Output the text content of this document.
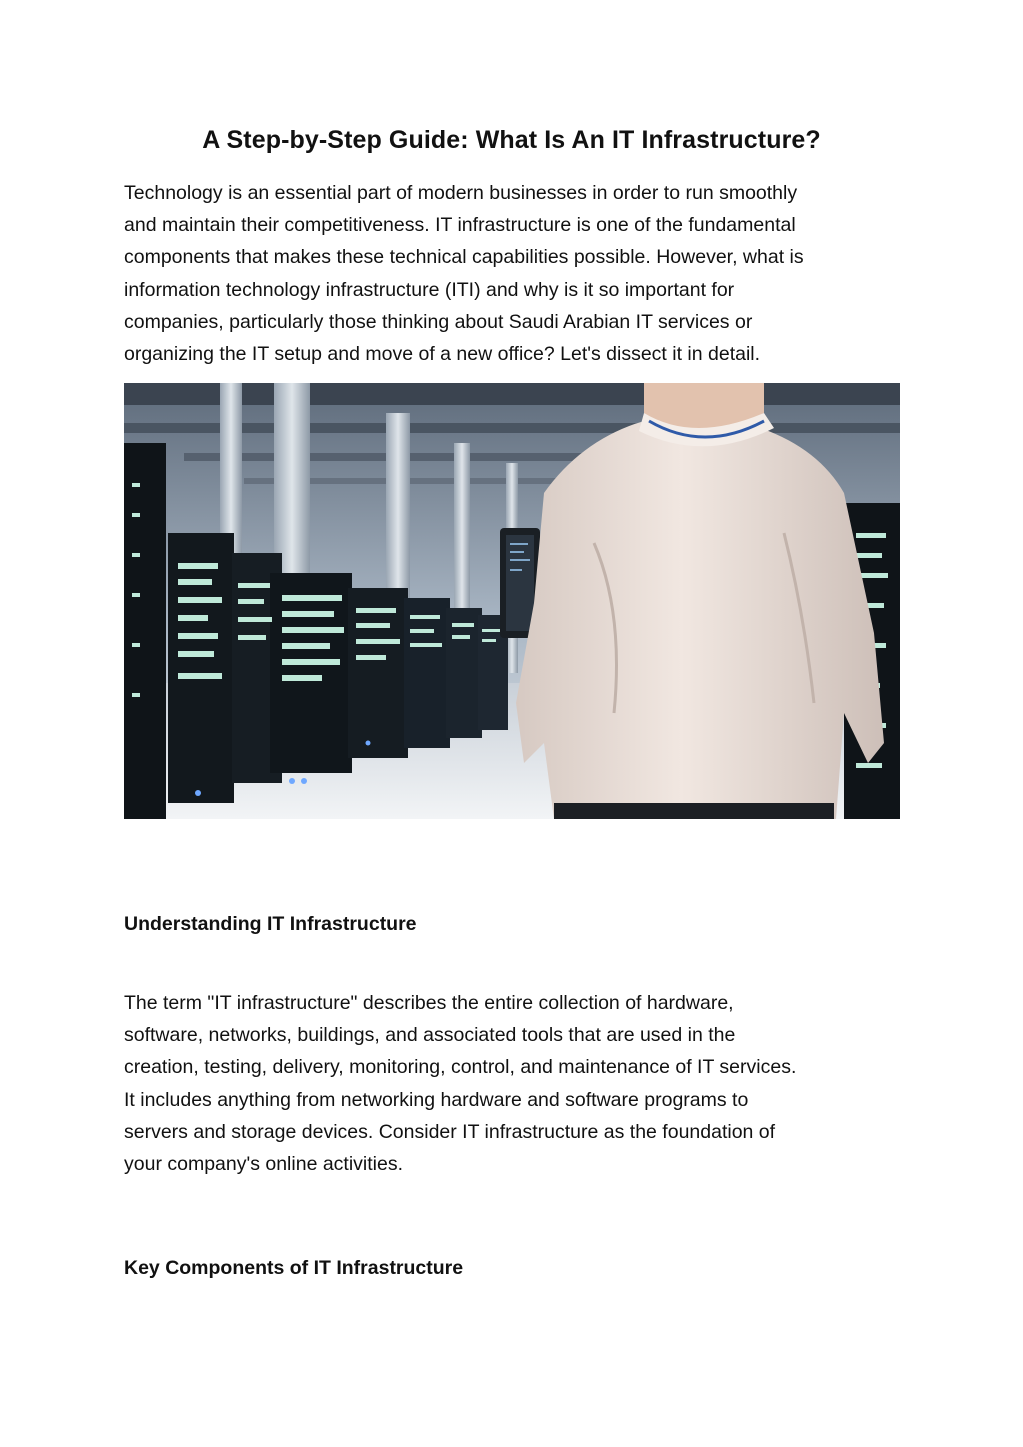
A Step-by-Step Guide: What Is An IT Infrastructure?

Technology is an essential part of modern businesses in order to run smoothly
and maintain their competitiveness. IT infrastructure is one of the fundamental
components that makes these technical capabilities possible. However, what is
information technology infrastructure (ITI) and why is it so important for
companies, particularly those thinking about Saudi Arabian IT services or
organizing the IT setup and move of a new office? Let's dissect it in detail.

Understanding IT Infrastructure

The term "IT infrastructure" describes the entire collection of hardware,
software, networks, buildings, and associated tools that are used in the
creation, testing, delivery, monitoring, control, and maintenance of IT services.
It includes anything from networking hardware and software programs to
servers and storage devices. Consider IT infrastructure as the foundation of
your company's online activities.

Key Components of IT Infrastructure
